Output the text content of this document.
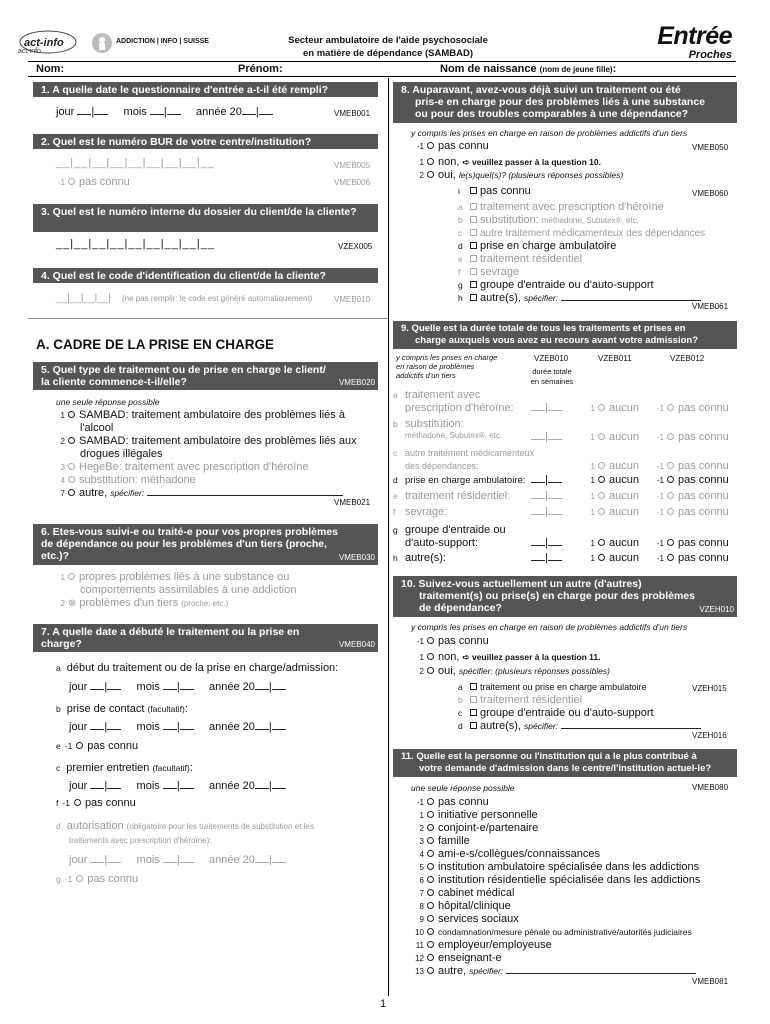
act-info
act-info
ADDICTION | INFO | SUISSE	Secteur ambulatoire de l'aide psychosociale
en matière de dépendance (SAMBAD)
Entrée
Proches
Nom:	Prénom:	Nom de naissance (nom de jeune fille):
1. A quelle date le questionnaire d'entrée a-t-il été rempli?
jour |	mois |	année 20 |	VMEB001
2. Quel est le numéro BUR de votre centre/institution?
__|__|__|__|__|__|__|__|__	VMEB005
-1 pas connu	VMEB006
3. Quel est le numéro interne du dossier du client/de la cliente?
__|__|__|__|__|__|__|__|__	VZEX005
4. Quel est le code d'identification du client/de la cliente?
__|__|__|__|    (ne pas remplir: le code est généré automatiquement)	VMEB010
A. CADRE DE LA PRISE EN CHARGE
5. Quel type de traitement ou de prise en charge le client/
la cliente commence-t-il/elle?	VMEB020
une seule réponse possible
1 SAMBAD: traitement ambulatoire des problèmes liés à
l'alcool
2 SAMBAD: traitement ambulatoire des problèmes liés aux
drogues illégales
3 HegeBe: traitement avec prescription d'héroïne
4 substitution: méthadone
7 autre, spécifier:
VMEB021
6. Etes-vous suivi-e ou traité-e pour vos propres problèmes
de dépendance ou pour les problèmes d'un tiers (proche,
etc.)?	VMEB030
1 propres problèmes liés à une substance ou
comportements assimilables à une addiction
2 ⊗ problèmes d'un tiers (proche, etc.)
7. A quelle date a débuté le traitement ou la prise en
charge?	VMEB040
a début du traitement ou de la prise en charge/admission:
jour |	mois |	année 20 |
b prise de contact (facultatif):
jour |	mois |	année 20 |
e -1 pas connu
c premier entretien (facultatif):
jour |	mois |	année 20 |
f -1 pas connu
d autorisation (obligatoire pour les traitements de substitution et les
traitements avec prescription d'héroïne):
jour |	mois |	année 20 |
g -1 pas connu
8. Auparavant, avez-vous déjà suivi un traitement ou été
pris-e en charge pour des problèmes liés à une substance
ou pour des troubles comparables à une dépendance?
y compris les prises en charge en raison de problèmes addictifs d'un tiers
-1 pas connu	VMEB050
1 non, ➪ veuillez passer à la question 10.
2 oui, le(s)quel(s)? (plusieurs réponses possibles)
i pas connu
a traitement avec prescription d'héroïne
b substitution: méthadone, Subutex®, etc.
c autre traitement médicamenteux des dépendances
d prise en charge ambulatoire
e traitement résidentiel
f sevrage
g groupe d'entraide ou d'auto-support
h autre(s), spécifier:
VMEB060
VMEB061
9. Quelle est la durée totale de tous les traitements et prises en
charge auxquels vous avez eu recours avant votre admission?
y compris les prises en charge
en raison de problèmes
addictifs d'un tiers
VZEB010
durée totale
en semaines
VZEB011	VZEB012
a traitement avec
prescription d'héroïne:	|	1 aucun	-1 pas connu
b substitution:
méthadone, Subutex®, etc.	|	1 aucun	-1 pas connu
c autre traitement médicamenteux
des dépendances:	1 aucun	-1 pas connu
d prise en charge ambulatoire:	|	1 aucun	-1 pas connu
e traitement résidentiel:	|	1 aucun	-1 pas connu
f sevrage:	|	1 aucun	-1 pas connu
g groupe d'entraide ou
d'auto-support:	|	1 aucun	-1 pas connu
h autre(s):	|	1 aucun	-1 pas connu
10. Suivez-vous actuellement un autre (d'autres)
traitement(s) ou prise(s) en charge pour des problèmes
de dépendance?	VZEH010
y compris les prises en charge en raison de problèmes addictifs d'un tiers
-1 pas connu
1 non, ➪ veuillez passer à la question 11.
2 oui, spécifier: (plusieurs réponses possibles)
a traitement ou prise en charge ambulatoire
b traitement résidentiel
c groupe d'entraide ou d'auto-support
d autre(s), spécifier:
VZEH015
VZEH016
11. Quelle est la personne ou l'institution qui a le plus contribué à
votre demande d'admission dans le centre/l'institution actuel-le?
une seule réponse possible	VMEB080
-1 pas connu
1 initiative personnelle
2 conjoint-e/partenaire
3 famille
4 ami-e-s/collègues/connaissances
5 institution ambulatoire spécialisée dans les addictions
6 institution résidentielle spécialisée dans les addictions
7 cabinet médical
8 hôpital/clinique
9 services sociaux
10 condamnation/mesure pénale ou administrative/autorités judiciaires
11 employeur/employeuse
12 enseignant-e
13 autre, spécifier:
VMEB081
1
